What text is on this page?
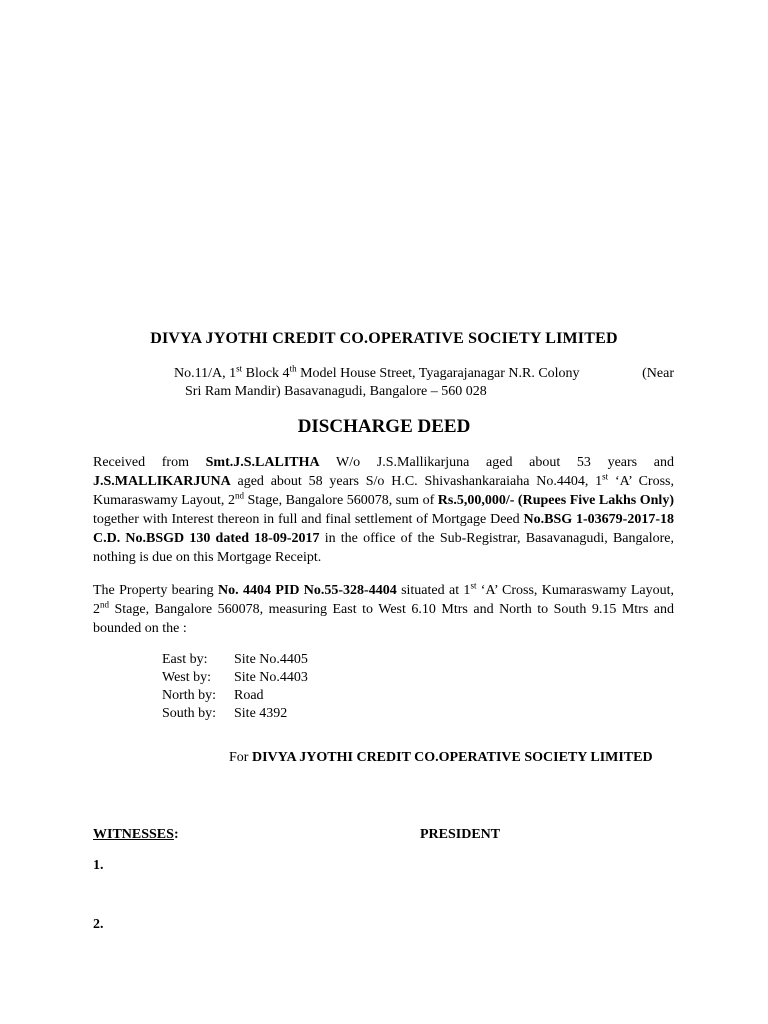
DIVYA JYOTHI CREDIT CO.OPERATIVE SOCIETY LIMITED
No.11/A, 1st Block 4th Model House Street, Tyagarajanagar N.R. Colony	(Near
Sri Ram Mandir) Basavanagudi, Bangalore – 560 028
DISCHARGE DEED
Received from Smt.J.S.LALITHA W/o J.S.Mallikarjuna aged about 53 years and J.S.MALLIKARJUNA aged about 58 years S/o H.C. Shivashankaraiaha No.4404, 1st ‘A’ Cross, Kumaraswamy Layout, 2nd Stage, Bangalore 560078, sum of Rs.5,00,000/- (Rupees Five Lakhs Only) together with Interest thereon in full and final settlement of Mortgage Deed No.BSG 1-03679-2017-18 C.D. No.BSGD 130 dated 18-09-2017 in the office of the Sub-Registrar, Basavanagudi, Bangalore, nothing is due on this Mortgage Receipt.
The Property bearing No. 4404 PID No.55-328-4404 situated at 1st ‘A’ Cross, Kumaraswamy Layout, 2nd Stage, Bangalore 560078, measuring East to West 6.10 Mtrs and North to South 9.15 Mtrs and bounded on the :
East by:	Site No.4405
West by:	Site No.4403
North by:	Road
South by:	Site 4392
For DIVYA JYOTHI CREDIT CO.OPERATIVE SOCIETY LIMITED
WITNESSES:	PRESIDENT
1.
2.
